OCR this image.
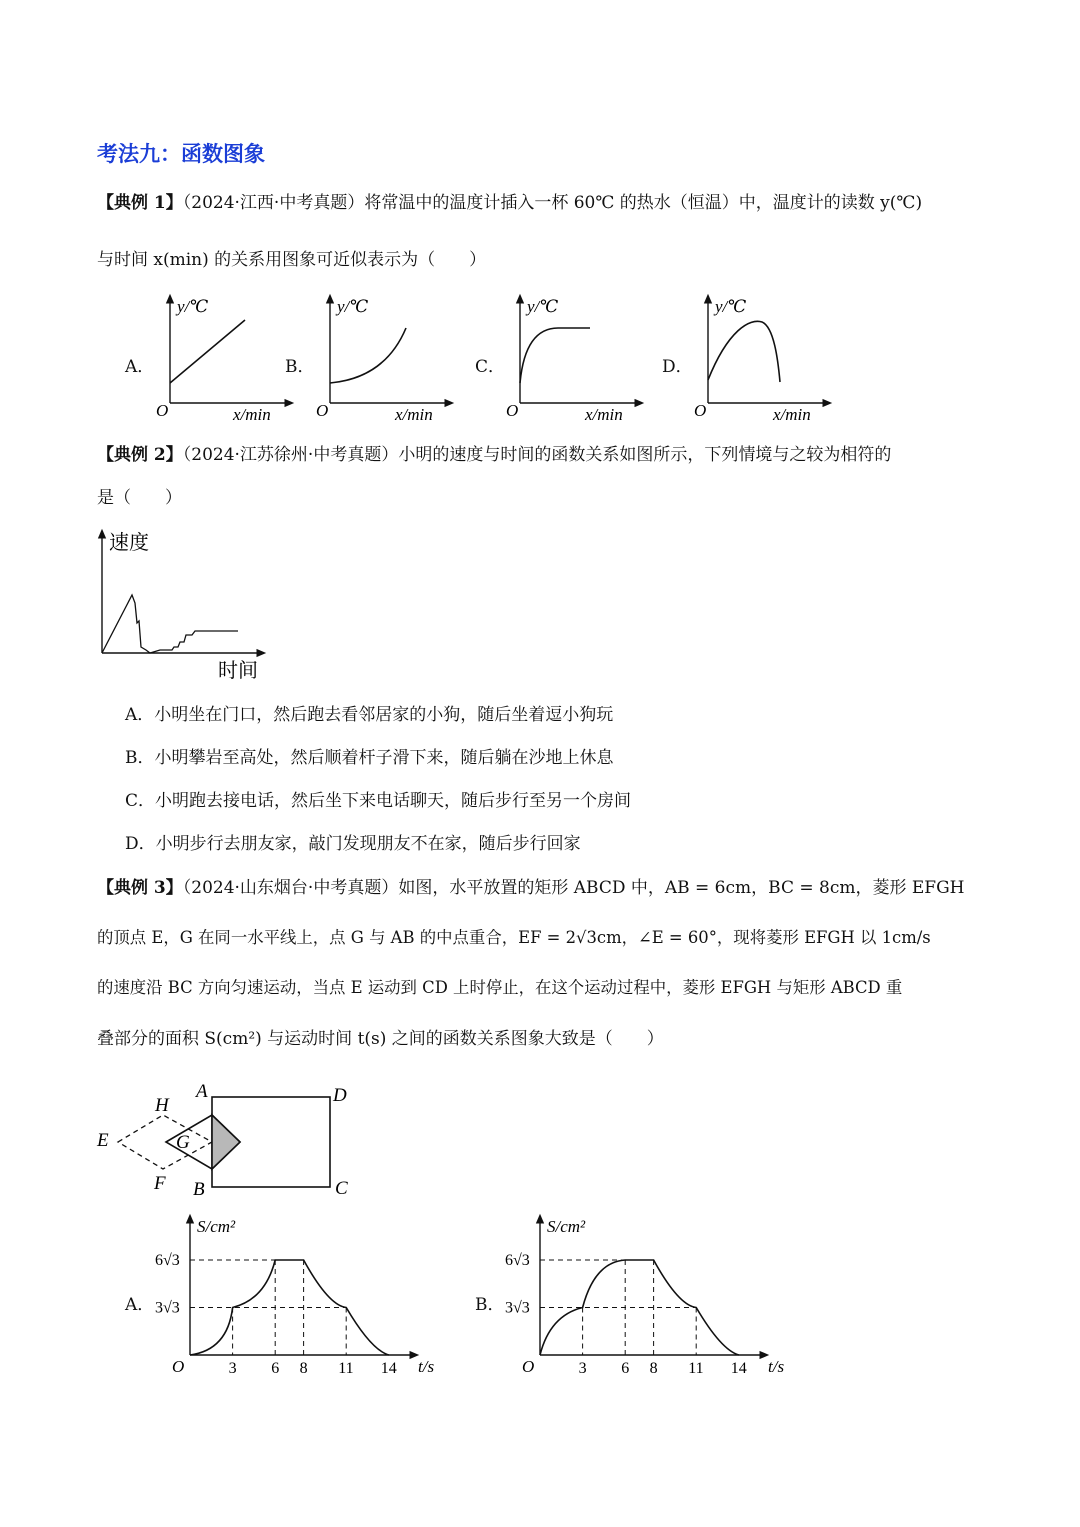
考法九：函数图象
【典例 1】（2024·江西·中考真题）将常温中的温度计插入一杯 60℃ 的热水（恒温）中，温度计的读数 y(℃)
与时间 x(min) 的关系用图象可近似表示为（　　）
A．	B．	C．	D．
y/℃
x/min
O
y/℃
x/min
O
y/℃
x/min
O
y/℃
x/min
O
【典例 2】（2024·江苏徐州·中考真题）小明的速度与时间的函数关系如图所示，下列情境与之较为相符的
是（　　）
速度
时间
A．小明坐在门口，然后跑去看邻居家的小狗，随后坐着逗小狗玩
B．小明攀岩至高处，然后顺着杆子滑下来，随后躺在沙地上休息
C．小明跑去接电话，然后坐下来电话聊天，随后步行至另一个房间
D．小明步行去朋友家，敲门发现朋友不在家，随后步行回家
【典例 3】（2024·山东烟台·中考真题）如图，水平放置的矩形 ABCD 中，AB = 6cm，BC = 8cm，菱形 EFGH
的顶点 E，G 在同一水平线上，点 G 与 AB 的中点重合，EF = 2√3cm，∠E = 60°，现将菱形 EFGH 以 1cm/s
的速度沿 BC 方向匀速运动，当点 E 运动到 CD 上时停止，在这个运动过程中，菱形 EFGH 与矩形 ABCD 重
叠部分的面积 S(cm²) 与运动时间 t(s) 之间的函数关系图象大致是（　　）
A	D
C
B
E
H
F
G
A．	B．
3 6 8 11 14
3√3
6√3
S/cm²
t/s
O	3 6 8 11 14
3√3
6√3
S/cm²
t/s
O
